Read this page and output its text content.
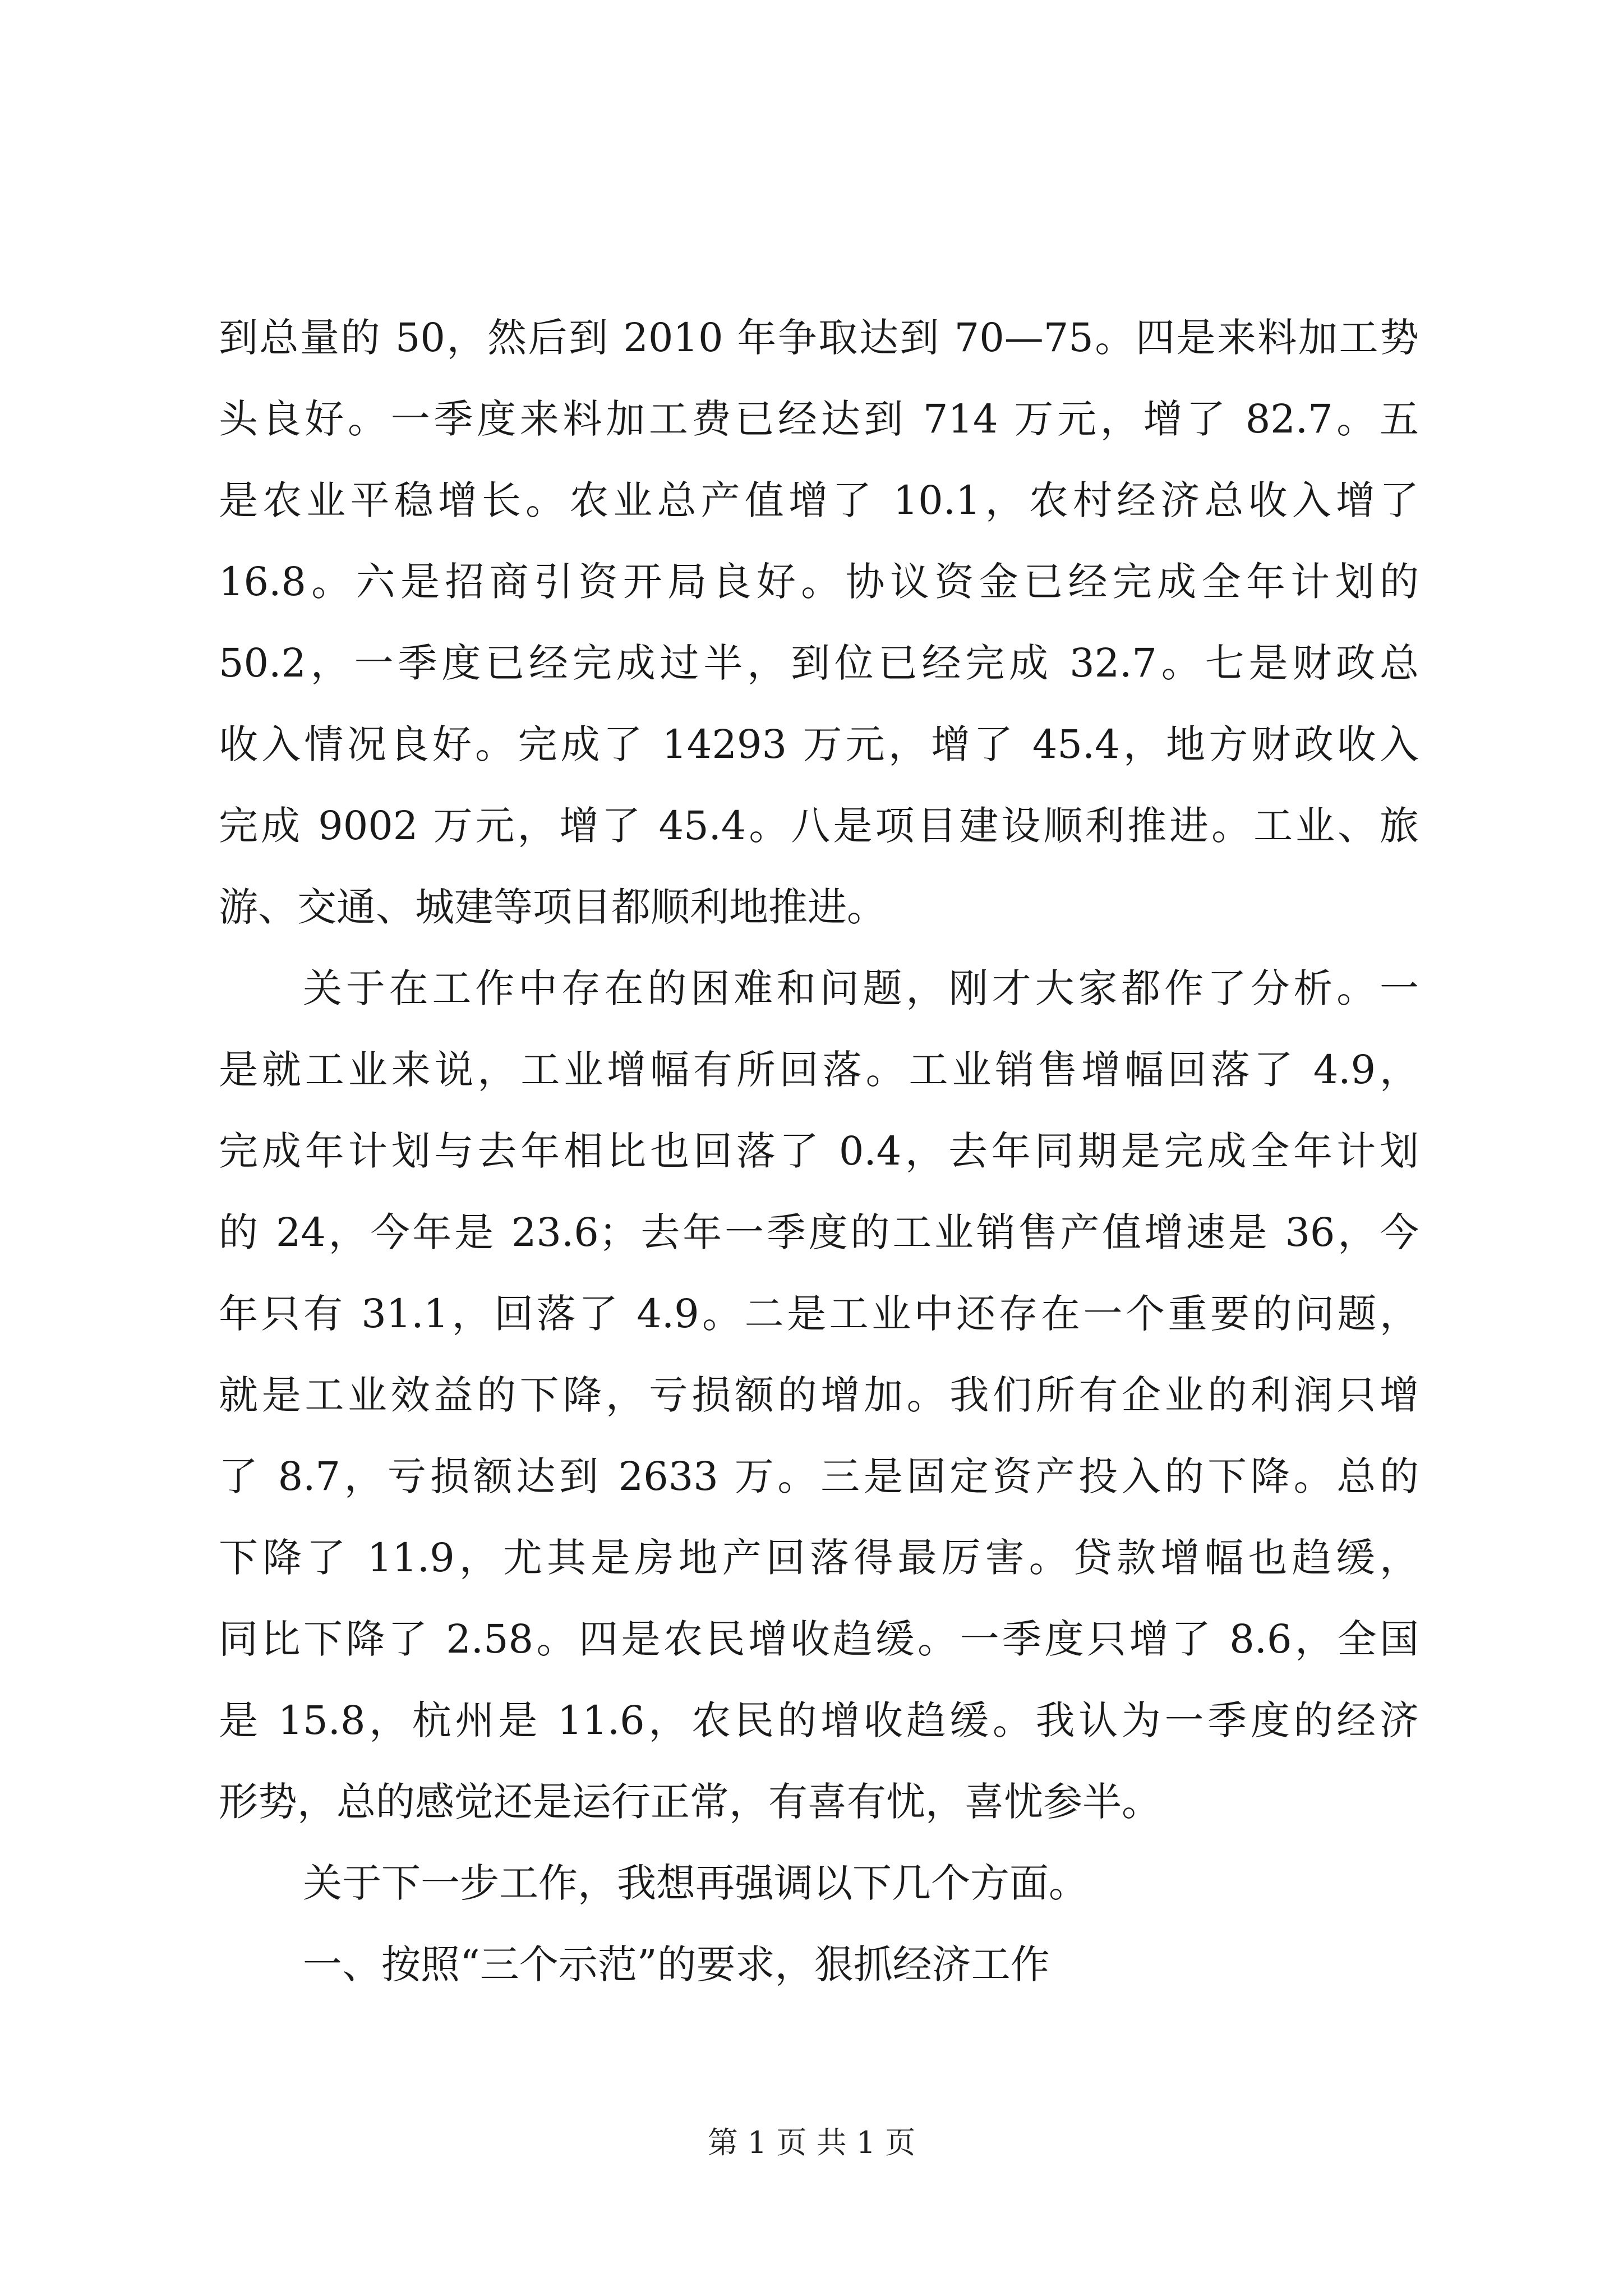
到总量的 50，然后到 2010 年争取达到 70—75。四是来料加工势
头良好。一季度来料加工费已经达到 714 万元，增了 82.7。五
是农业平稳增长。农业总产值增了 10.1，农村经济总收入增了
16.8。六是招商引资开局良好。协议资金已经完成全年计划的
50.2，一季度已经完成过半，到位已经完成 32.7。七是财政总
收入情况良好。完成了 14293 万元，增了 45.4，地方财政收入
完成 9002 万元，增了 45.4。八是项目建设顺利推进。工业、旅
游、交通、城建等项目都顺利地推进。
关于在工作中存在的困难和问题，刚才大家都作了分析。一
是就工业来说，工业增幅有所回落。工业销售增幅回落了 4.9，
完成年计划与去年相比也回落了 0.4，去年同期是完成全年计划
的 24，今年是 23.6；去年一季度的工业销售产值增速是 36，今
年只有 31.1，回落了 4.9。二是工业中还存在一个重要的问题，
就是工业效益的下降，亏损额的增加。我们所有企业的利润只增
了 8.7，亏损额达到 2633 万。三是固定资产投入的下降。总的
下降了 11.9，尤其是房地产回落得最厉害。贷款增幅也趋缓，
同比下降了 2.58。四是农民增收趋缓。一季度只增了 8.6，全国
是 15.8，杭州是 11.6，农民的增收趋缓。我认为一季度的经济
形势，总的感觉还是运行正常，有喜有忧，喜忧参半。
关于下一步工作，我想再强调以下几个方面。
一、按照“三个示范”的要求，狠抓经济工作
第 1 页 共 1 页
